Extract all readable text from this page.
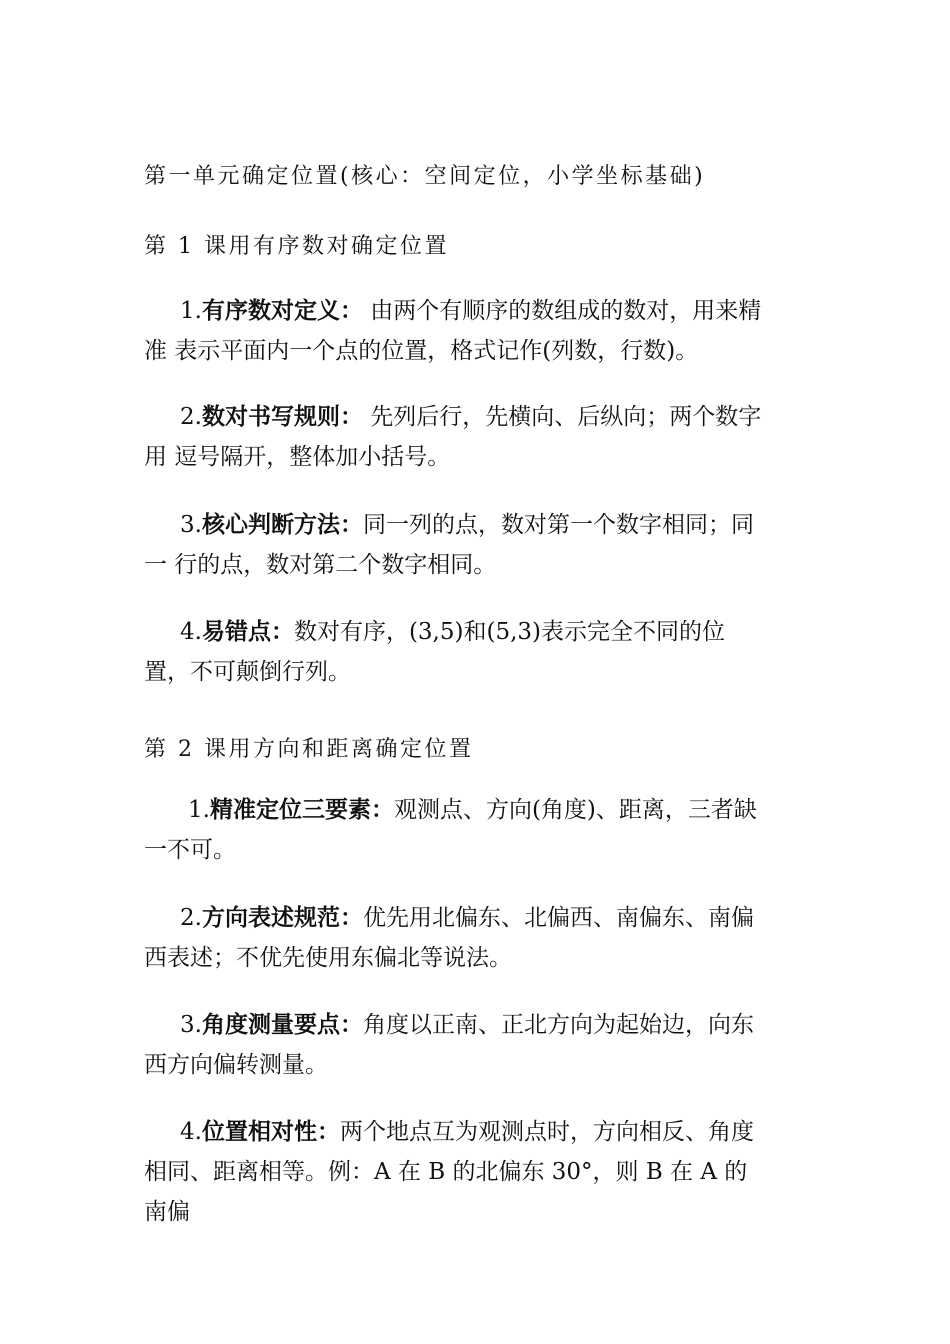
第一单元确定位置(核心：空间定位，小学坐标基础)
第 1 课用有序数对确定位置
1.有序数对定义： 由两个有顺序的数组成的数对，用来精
准 表示平面内一个点的位置，格式记作(列数，行数)。
2.数对书写规则： 先列后行，先横向、后纵向；两个数字
用 逗号隔开，整体加小括号。
3.核心判断方法：同一列的点，数对第一个数字相同；同
一 行的点，数对第二个数字相同。
4.易错点：数对有序，(3,5)和(5,3)表示完全不同的位
置，不可颠倒行列。
第 2 课用方向和距离确定位置
1.精准定位三要素：观测点、方向(角度)、距离，三者缺
一不可。
2.方向表述规范：优先用北偏东、北偏西、南偏东、南偏
西表述；不优先使用东偏北等说法。
3.角度测量要点：角度以正南、正北方向为起始边，向东
西方向偏转测量。
4.位置相对性：两个地点互为观测点时，方向相反、角度
相同、距离相等。例：A 在 B 的北偏东 30°，则 B 在 A 的
南偏
